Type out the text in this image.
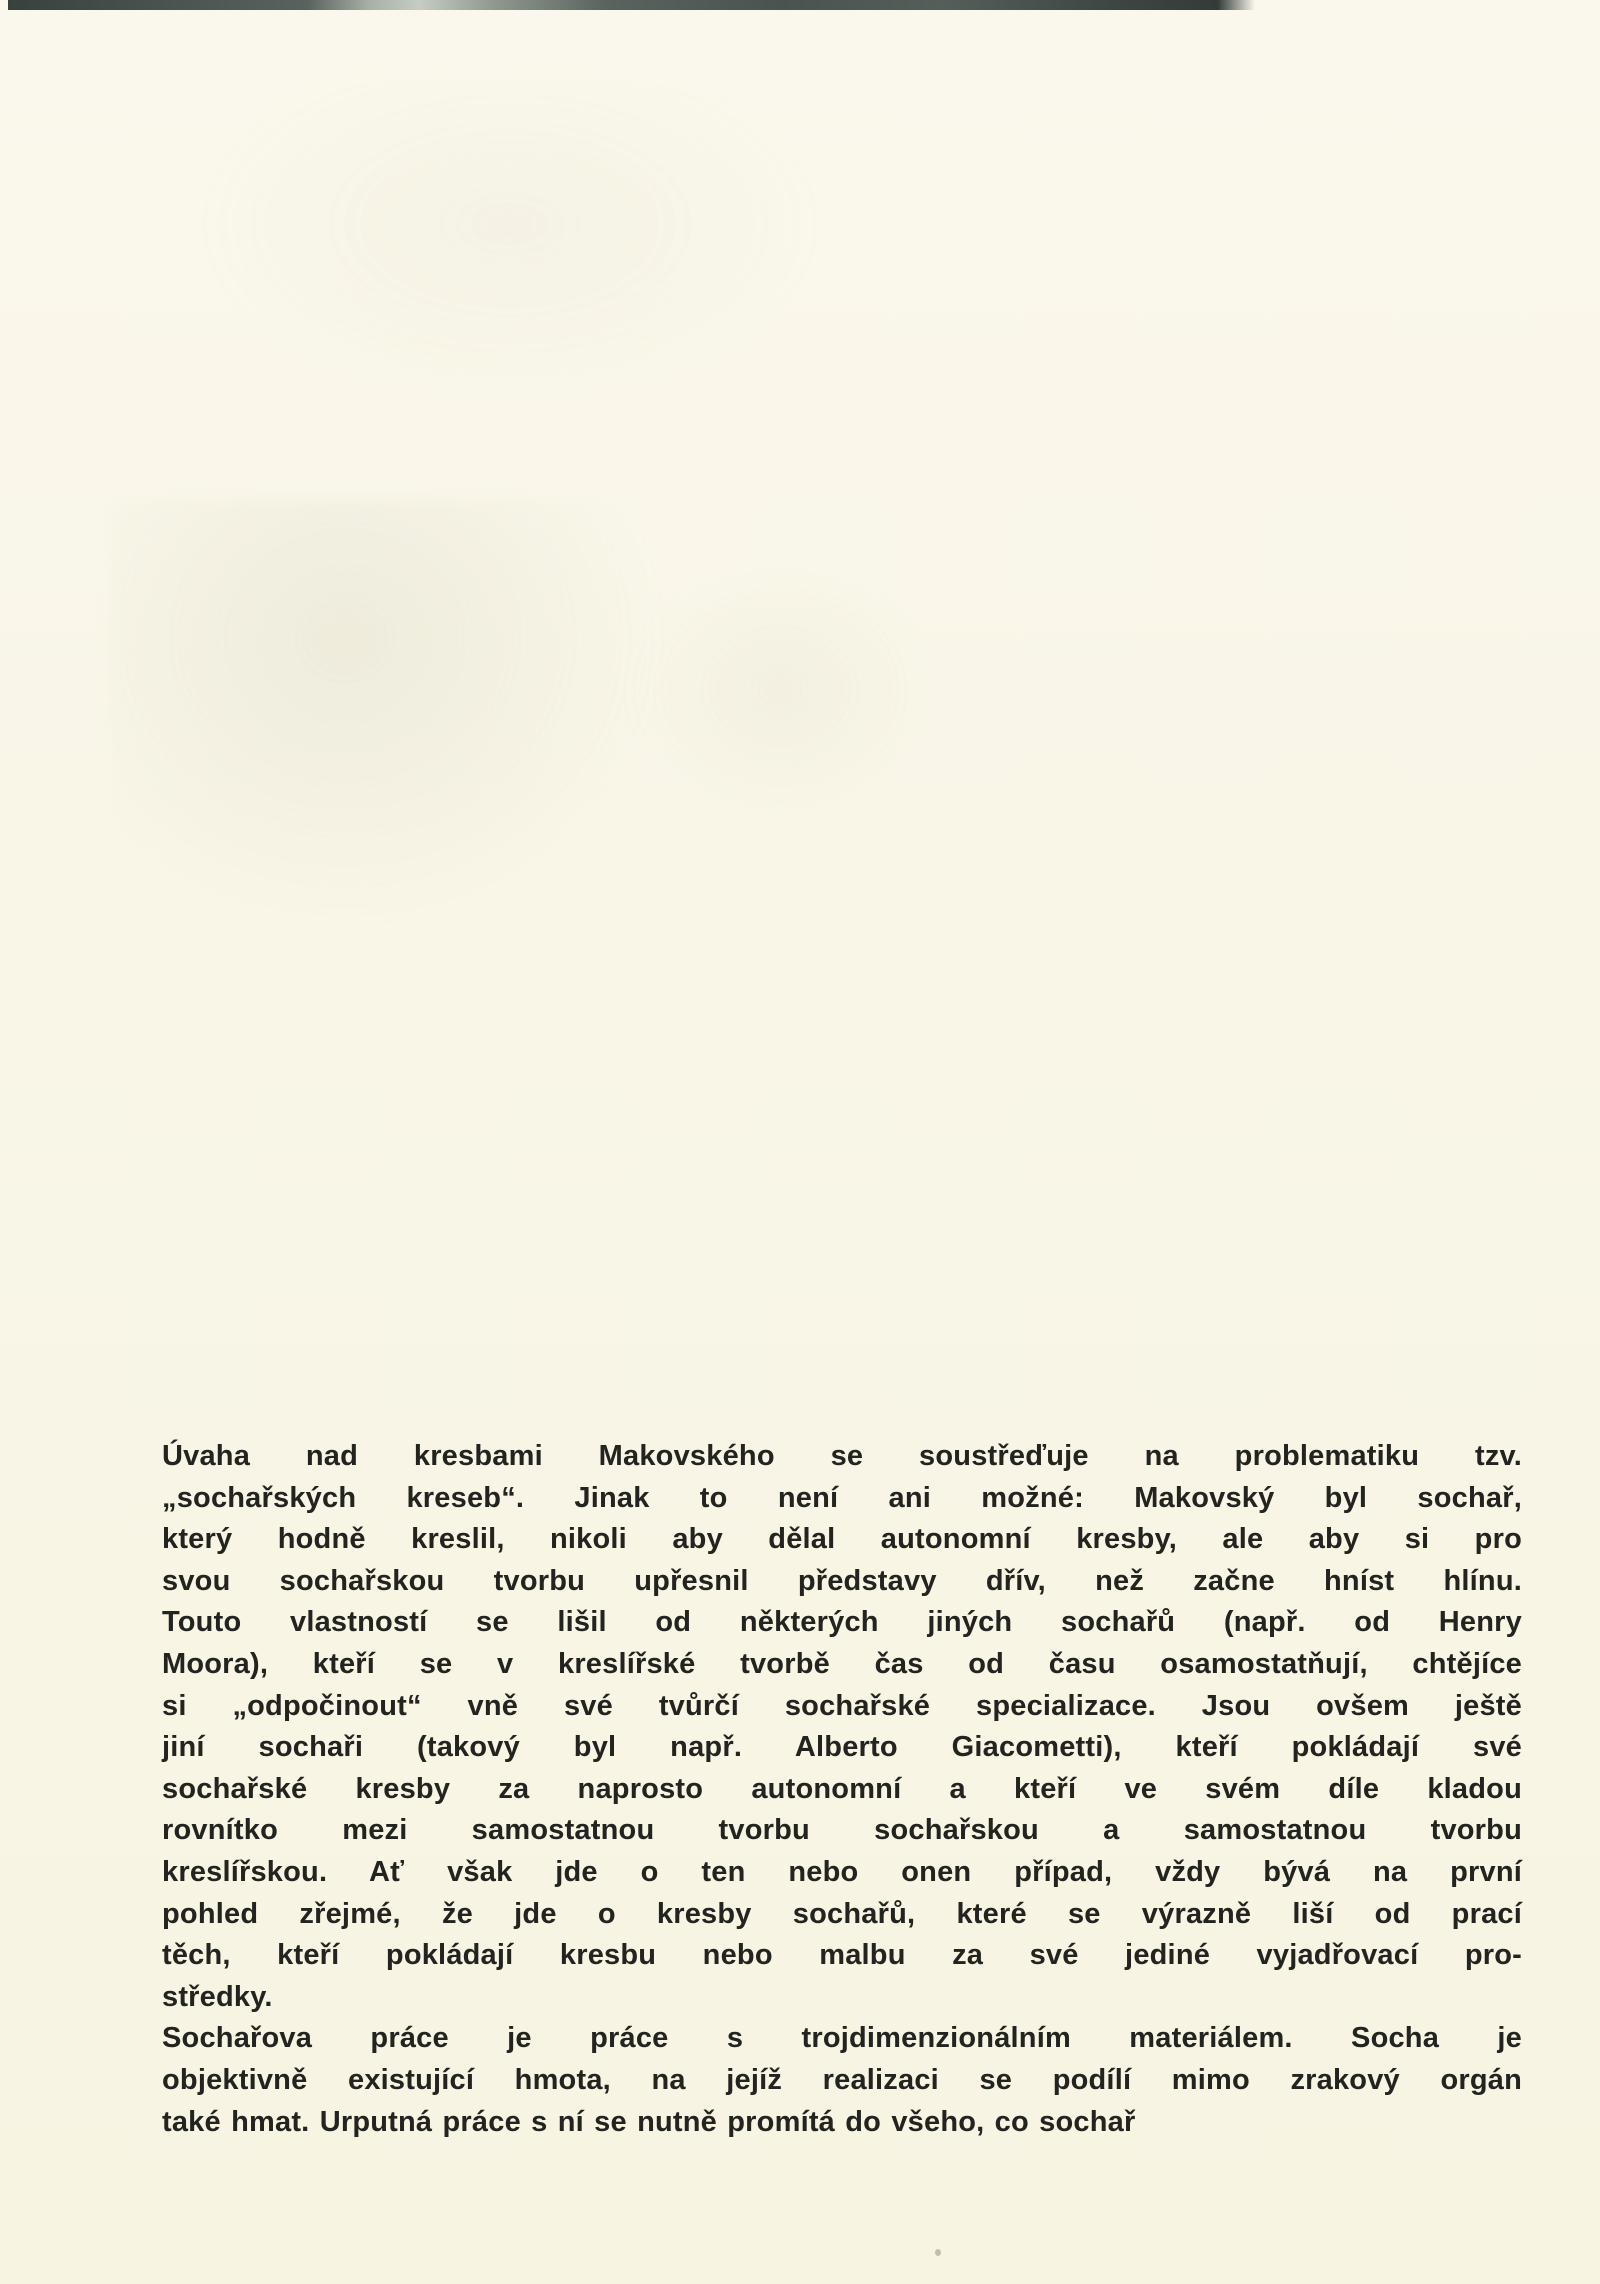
Úvaha nad kresbami Makovského se soustřeďuje na problematiku tzv.

„sochařských kreseb“. Jinak to není ani možné: Makovský byl sochař,

který hodně kreslil, nikoli aby dělal autonomní kresby, ale aby si pro

svou sochařskou tvorbu upřesnil představy dřív, než začne hníst hlínu.

Touto vlastností se lišil od některých jiných sochařů (např. od Henry

Moora), kteří se v kreslířské tvorbě čas od času osamostatňují, chtějíce

si „odpočinout“ vně své tvůrčí sochařské specializace. Jsou ovšem ještě

jiní sochaři (takový byl např. Alberto Giacometti), kteří pokládají své

sochařské kresby za naprosto autonomní a kteří ve svém díle kladou

rovnítko mezi samostatnou tvorbu sochařskou a samostatnou tvorbu

kreslířskou. Ať však jde o ten nebo onen případ, vždy bývá na první

pohled zřejmé, že jde o kresby sochařů, které se výrazně liší od prací

těch, kteří pokládají kresbu nebo malbu za své jediné vyjadřovací pro-

středky.

Sochařova práce je práce s trojdimenzionálním materiálem. Socha je

objektivně existující hmota, na jejíž realizaci se podílí mimo zrakový orgán

také hmat. Urputná práce s ní se nutně promítá do všeho, co sochař
